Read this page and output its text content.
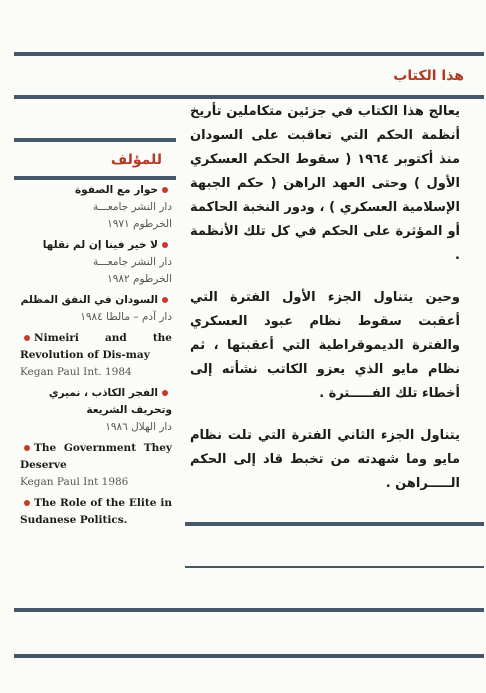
هذا الكتاب
للمؤلف

يعالج هذا الكتاب في جزئين متكاملين تأريخ أنظمة الحكم التي تعاقبت على السودان منذ أكتوبر ١٩٦٤ ( سقوط الحكم العسكري الأول ) وحتى العهد الراهن ( حكم الجبهة الإسلامية العسكري ) ، ودور النخبة الحاكمة أو المؤثرة على الحكم في كل تلك الأنظمة .

وحين يتناول الجزء الأول الفترة التي أعقبت سقوط نظام عبود العسكري والفترة الديموقراطية التي أعقبتها ، ثم نظام مايو الذي يعزو الكاتب نشأته إلى أخطاء تلك الفـــــترة .

يتناول الجزء الثاني الفترة التي تلت نظام مايو وما شهدته من تخبط قاد إلى الحكم الـــــراهن .

حوار مع الصفوة
دار النشر جامعـــة
الخرطوم ١٩٧١
لا خير فينا إن لم نقلها
دار النشر جامعـــة
الخرطوم ١٩٨٢
السودان في النفق المظلم
دار آدم – مالطا ١٩٨٤
Nimeiri and the Revolution of Dis-may
Kegan Paul Int. 1984
الفجر الكاذب ، نميري وتحريف الشريعة
دار الهلال ١٩٨٦
The Government They Deserve
Kegan Paul Int 1986
The Role of the Elite in Sudanese Politics.
